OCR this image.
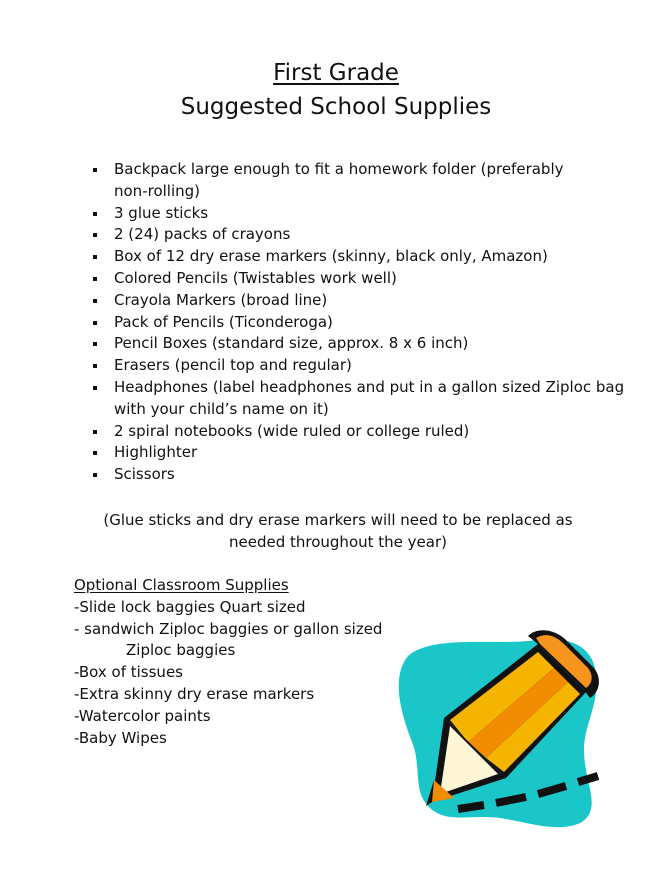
First Grade
Suggested School Supplies
Backpack large enough to fit a homework folder (preferably
non-rolling)
3 glue sticks
2 (24) packs of crayons
Box of 12 dry erase markers (skinny, black only, Amazon)
Colored Pencils (Twistables work well)
Crayola Markers (broad line)
Pack of Pencils (Ticonderoga)
Pencil Boxes (standard size, approx. 8 x 6 inch)
Erasers (pencil top and regular)
Headphones (label headphones and put in a gallon sized Ziploc bag
with your child’s name on it)
2 spiral notebooks (wide ruled or college ruled)
Highlighter
Scissors
(Glue sticks and dry erase markers will need to be replaced as
needed throughout the year)
Optional Classroom Supplies
-Slide lock baggies Quart sized
- sandwich Ziploc baggies or gallon sized
Ziploc baggies
-Box of tissues
-Extra skinny dry erase markers
-Watercolor paints
-Baby Wipes
